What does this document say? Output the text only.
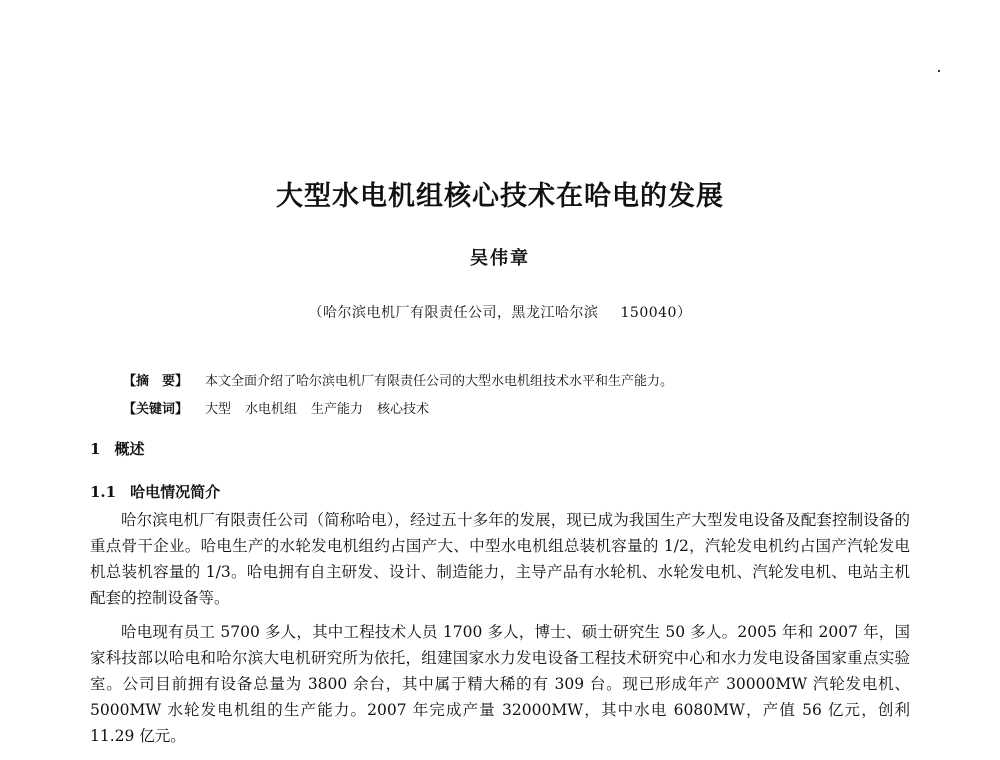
大型水电机组核心技术在哈电的发展
吴伟章
（哈尔滨电机厂有限责任公司，黑龙江哈尔滨 150040）
【摘　要】 本文全面介绍了哈尔滨电机厂有限责任公司的大型水电机组技术水平和生产能力。
【关键词】 大型 水电机组 生产能力 核心技术
1 概述
1.1 哈电情况简介

哈尔滨电机厂有限责任公司（简称哈电），经过五十多年的发展，现已成为我国生产大型发电设备及配套控制设备的重点骨干企业。哈电生产的水轮发电机组约占国产大、中型水电机组总装机容量的 1/2，汽轮发电机约占国产汽轮发电机总装机容量的 1/3。哈电拥有自主研发、设计、制造能力，主导产品有水轮机、水轮发电机、汽轮发电机、电站主机配套的控制设备等。

哈电现有员工 5700 多人，其中工程技术人员 1700 多人，博士、硕士研究生 50 多人。2005 年和 2007 年，国家科技部以哈电和哈尔滨大电机研究所为依托，组建国家水力发电设备工程技术研究中心和水力发电设备国家重点实验室。公司目前拥有设备总量为 3800 余台，其中属于精大稀的有 309 台。现已形成年产 30000MW 汽轮发电机、5000MW 水轮发电机组的生产能力。2007 年完成产量 32000MW，其中水电 6080MW，产值 56 亿元，创利 11.29 亿元。
